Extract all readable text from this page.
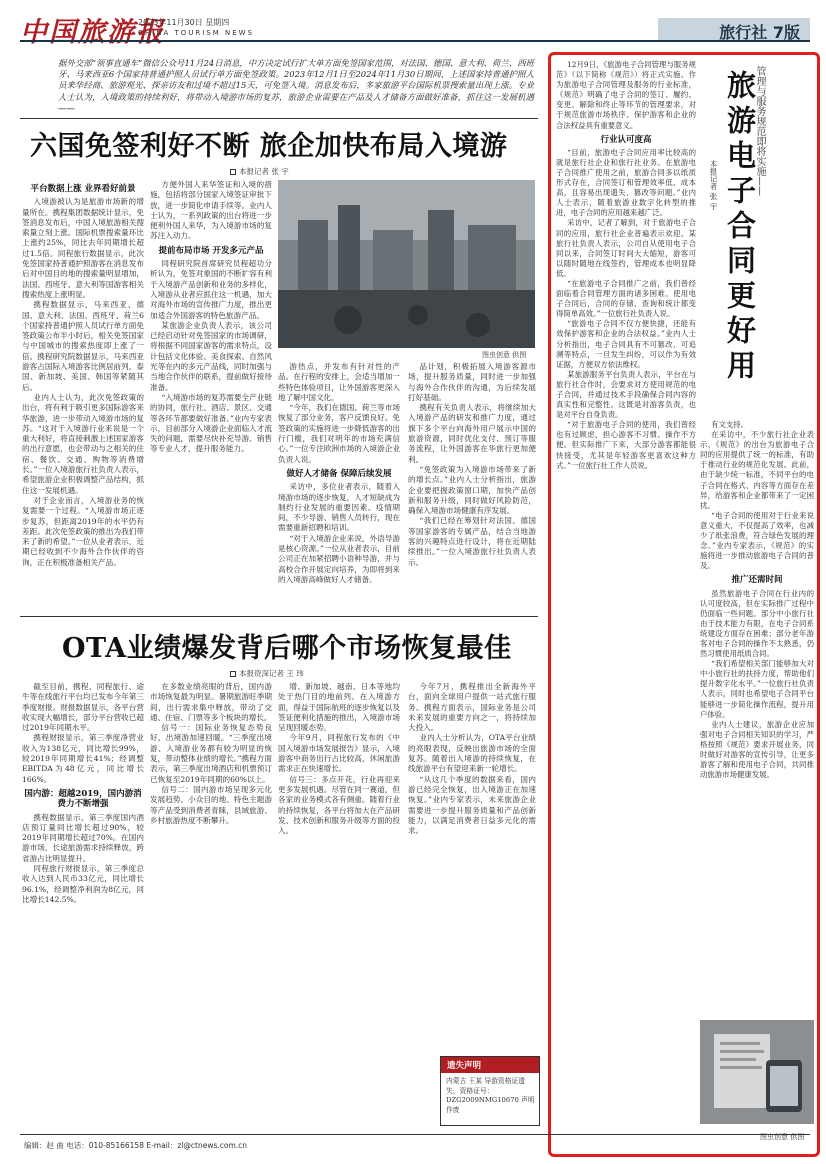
中国旅游报
2023年11月30日 星期四
CHINA TOURISM NEWS	旅行社 7版
据外交部“领事直通车”微信公众号11月24日消息，中方决定试行扩大单方面免签国家范围，对法国、德国、意大利、荷兰、西班牙、马来西亚6个国家持普通护照人员试行单方面免签政策。2023年12月1日至2024年11月30日期间，上述国家持普通护照人员来华经商、旅游观光、探亲访友和过境不超过15天，可免签入境。消息发布后，多家旅游平台国际机票搜索量出现上涨。专业人士认为，入境政策的持续利好，将带动入境游市场的复苏，旅游企业需要在产品及人才储备方面做好准备，抓住这一发展机遇——
六国免签利好不断 旅企加快布局入境游
本报记者 张 宇
平台数据上涨 业界看好前景
入境游被认为是旅游市场新的增量所在。携程集团数据统计显示，免签消息发布后，中国入境旅游相关搜索量立刻上涨。国际机票搜索量环比上涨约25%，同比去年同期增长超过1.5倍。同程旅行数据显示，此次免签国家持普通护照游客在消息发布后对中国目的地的搜索量明显增加，法国、西班牙、意大利等国游客相关搜索热度上涨明显。
携程数据显示，马来西亚、德国、意大利、法国、西班牙、荷兰6个国家持普通护照人员试行单方面免签政策公布半小时后，相关免签国家与中国城市的搜索热度即上涨了一倍。携程研究院数据显示，马来西亚游客占国际入境游客比例居前列，泰国、新加坡、美国、韩国等紧随其后。
业内人士认为，此次免签政策的出台，将有利于吸引更多国际游客来华旅游，进一步带动入境游市场的复苏。“这对于入境游行业来说是一个重大利好，将直接刺激上述国家游客的出行意愿，也会带动与之相关的住宿、餐饮、交通、购物等消费增长。”一位入境游旅行社负责人表示，希望旅游企业积极调整产品结构，抓住这一发展机遇。
对于企业而言，入境游业务的恢复需要一个过程。“入境游市场正逐步复苏，但距离2019年的水平仍有差距。此次免签政策的推出为我们带来了新的希望。”一位从业者表示，近期已经收到不少海外合作伙伴的咨询，正在积极准备相关产品。
方便外国人来华签证和入境的措施，包括将部分国家入境签证审批下放，进一步简化申请手续等。业内人士认为，一系列政策的出台将进一步便利外国人来华，为入境游市场的复苏注入动力。
提前布局市场 开发多元产品
同程研究院首席研究员程超功分析认为，免签对象国的不断扩容有利于入境游产品创新和业务的多样化，入境游从业者应抓住这一机遇，加大对海外市场的宣传推广力度，推出更加适合外国游客的特色旅游产品。
某旅游企业负责人表示，该公司已经启动针对免签国家的市场调研，将根据不同国家游客的需求特点，设计包括文化体验、美食探索、自然风光等在内的多元产品线，同时加强与当地合作伙伴的联系，提前做好接待准备。
“入境游市场的复苏需要全产业链的协同，旅行社、酒店、景区、交通等各环节都要做好准备。”业内专家表示，目前部分入境游企业面临人才流失的问题，需要尽快补充导游、销售等专业人才，提升服务能力。
图虫创意 供图
游热点，并发布有针对性的产品。在行程的安排上，会适当增加一些特色体验项目，让外国游客更深入地了解中国文化。
“今年，我们在德国、荷兰等市场恢复了部分业务，客户反馈良好。免签政策的实施将进一步降低游客的出行门槛，我们对明年的市场充满信心。”一位专注欧洲市场的入境游企业负责人说。
做好人才储备 保障后续发展
采访中，多位业者表示，随着入境游市场的逐步恢复，人才短缺成为制约行业发展的重要因素。疫情期间，不少导游、销售人员转行，现在需要重新招聘和培训。
“对于入境游企业来说，外语导游是核心资源。”一位从业者表示，目前公司正在加紧招聘小语种导游，并与高校合作开展定向培养，为即将到来的入境游高峰做好人才储备。
品计划，积极拓展入境游客源市场，提升服务质量，同时进一步加强与海外合作伙伴的沟通，为后续发展打好基础。
携程有关负责人表示，将继续加大入境游产品的研发和推广力度，通过旗下多个平台向海外用户展示中国的旅游资源，同时优化支付、预订等服务流程，让外国游客在华旅行更加便利。
“免签政策为入境游市场带来了新的增长点。”业内人士分析指出，旅游企业要把握政策窗口期，加快产品创新和服务升级，同时做好风险防范，确保入境游市场健康有序发展。
“我们已经在筹划针对法国、德国等国家游客的专属产品，结合当地游客的兴趣特点进行设计，将在近期陆续推出。”一位入境游旅行社负责人表示。
OTA业绩爆发背后哪个市场恢复最佳
本报资深记者 王 玮
截至目前，携程、同程旅行、途牛等在线旅行平台均已发布今年第三季度财报。财报数据显示，各平台营收实现大幅增长，部分平台营收已超过2019年同期水平。
携程财报显示，第三季度净营业收入为138亿元，同比增长99%，较2019年同期增长41%；经调整EBITDA为48亿元，同比增长166%。
国内游：超越2019，国内游消费力不断增强
携程数据显示，第三季度国内酒店预订量同比增长超过90%，较2019年同期增长超过70%。在国内游市场，长途旅游需求持续释放，跨省游占比明显提升。
同程旅行财报显示，第三季度总收入达到人民币33亿元，同比增长96.1%，经调整净利润为8亿元，同比增长142.5%。
在多数业绩亮眼的背后，国内游市场恢复最为明显。暑期旅游旺季期间，出行需求集中释放，带动了交通、住宿、门票等多个板块的增长。
信号一：国际业务恢复态势良好，出境游加速回暖。“三季度出境游、入境游业务都有较为明显的恢复，带动整体业绩的增长。”携程方面表示，第三季度出境酒店和机票预订已恢复至2019年同期的60%以上。
信号二：国内游市场呈现多元化发展趋势。小众目的地、特色主题游等产品受到消费者青睐，县域旅游、乡村旅游热度不断攀升。
增、新加坡、越南、日本等地均处于热门目的地前列。在入境游方面，得益于国际航班的逐步恢复以及签证便利化措施的推出，入境游市场呈现回暖态势。
今年9月，同程旅行发布的《中国入境游市场发展报告》显示，入境游客中商务出行占比较高，休闲旅游需求正在快速增长。
信号三：多点开花，行业再迎来更多发展机遇。尽管在同一赛道，但各家的业务模式各有侧重。随着行业的持续恢复，各平台将加大在产品研发、技术创新和服务升级等方面的投入。
今年7月，携程推出全新海外平台，面向全球用户提供一站式旅行服务。携程方面表示，国际业务是公司未来发展的重要方向之一，将持续加大投入。
业内人士分析认为，OTA平台业绩的亮眼表现，反映出旅游市场的全面复苏。随着出入境游的持续恢复，在线旅游平台有望迎来新一轮增长。
“从这几个季度的数据来看，国内游已经完全恢复，出入境游正在加速恢复。”业内专家表示，未来旅游企业需要进一步提升服务质量和产品创新能力，以满足消费者日益多元化的需求。
遗失声明
内蒙古 王某 导游资格证遗失，资格证号：DZG2009NMG10670 声明作废
管理与服务规范即将实施——
旅游电子合同更好用
本报记者 张 宇
12月9日，《旅游电子合同管理与服务规范》（以下简称《规范》）将正式实施。作为旅游电子合同管理及服务的行业标准，《规范》明确了电子合同的签订、履约、变更、解除和终止等环节的管理要求，对于规范旅游市场秩序、保护游客和企业的合法权益具有重要意义。
行业认可度高
“目前，旅游电子合同应用率比较高的就是旅行社企业和旅行社业务。在旅游电子合同推广使用之前，旅游合同多以纸质形式存在，合同签订和管理效率低、成本高，且容易出现遗失、篡改等问题。”业内人士表示，随着旅游业数字化转型的推进，电子合同的应用越来越广泛。
采访中，记者了解到，对于旅游电子合同的应用，旅行社企业普遍表示欢迎。某旅行社负责人表示，公司自从使用电子合同以来，合同签订时间大大缩短，游客可以随时随地在线签约，管理成本也明显降低。
“在旅游电子合同推广之前，我们曾经面临着合同管理方面的诸多困难。使用电子合同后，合同的存储、查询和统计都变得简单高效。”一位旅行社负责人说。
“旅游电子合同不仅方便快捷，还能有效保护游客和企业的合法权益。”业内人士分析指出，电子合同具有不可篡改、可追溯等特点，一旦发生纠纷，可以作为有效证据，方便双方依法维权。
某旅游服务平台负责人表示，平台在与旅行社合作时，会要求对方使用规范的电子合同，并通过技术手段确保合同内容的真实性和完整性。这既是对游客负责，也是对平台自身负责。
“对于旅游电子合同的使用，我们曾经也有过顾虑，担心游客不习惯、操作不方便。但实际推广下来，大部分游客都能很快接受，尤其是年轻游客更喜欢这种方式。”一位旅行社工作人员说。
有文支持。
在采访中，不少旅行社企业表示，《规范》的出台为旅游电子合同的应用提供了统一的标准，有助于推动行业的规范化发展。此前，由于缺少统一标准，不同平台的电子合同在格式、内容等方面存在差异，给游客和企业都带来了一定困扰。
“电子合同的使用对于行业来说意义重大，不仅提高了效率，也减少了纸张浪费，符合绿色发展的理念。”业内专家表示，《规范》的实施将进一步推动旅游电子合同的普及。
推广还需时间
虽然旅游电子合同在行业内的认可度较高，但在实际推广过程中仍面临一些问题。部分中小旅行社由于技术能力有限，在电子合同系统建设方面存在困难；部分老年游客对电子合同的操作不太熟悉，仍然习惯使用纸质合同。
“我们希望相关部门能够加大对中小旅行社的扶持力度，帮助他们提升数字化水平。”一位旅行社负责人表示，同时也希望电子合同平台能够进一步简化操作流程，提升用户体验。
业内人士建议，旅游企业应加强对电子合同相关知识的学习，严格按照《规范》要求开展业务，同时做好对游客的宣传引导，让更多游客了解和使用电子合同，共同推动旅游市场健康发展。
图虫创意 供图
编辑：赵 曲 电话：010-85166158 E-mail：zl@ctnews.com.cn
